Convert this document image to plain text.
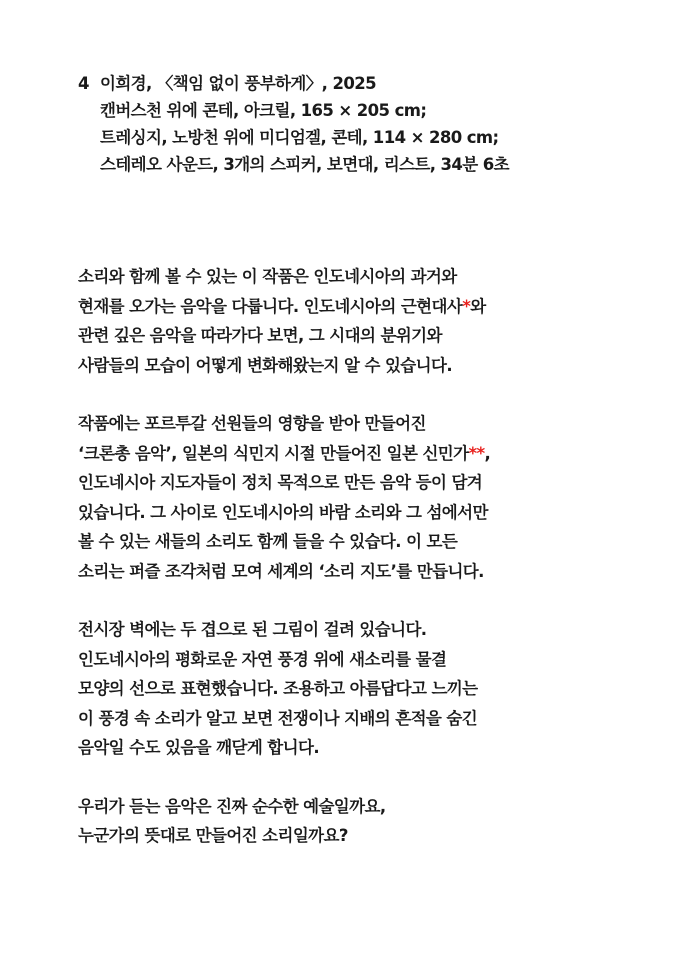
4 이희경, 〈책임 없이 풍부하게〉, 2025
캔버스천 위에 콘테, 아크릴, 165 × 205 cm;
트레싱지, 노방천 위에 미디엄겔, 콘테, 114 × 280 cm;
스테레오 사운드, 3개의 스피커, 보면대, 리스트, 34분 6초

소리와 함께 볼 수 있는 이 작품은 인도네시아의 과거와
현재를 오가는 음악을 다룹니다. 인도네시아의 근현대사*와
관련 깊은 음악을 따라가다 보면, 그 시대의 분위기와
사람들의 모습이 어떻게 변화해왔는지 알 수 있습니다.

작품에는 포르투갈 선원들의 영향을 받아 만들어진
‘크론총 음악’, 일본의 식민지 시절 만들어진 일본 신민가**,
인도네시아 지도자들이 정치 목적으로 만든 음악 등이 담겨
있습니다. 그 사이로 인도네시아의 바람 소리와 그 섬에서만
볼 수 있는 새들의 소리도 함께 들을 수 있습다. 이 모든
소리는 퍼즐 조각처럼 모여 세계의 ‘소리 지도’를 만듭니다.

전시장 벽에는 두 겹으로 된 그림이 걸려 있습니다.
인도네시아의 평화로운 자연 풍경 위에 새소리를 물결
모양의 선으로 표현했습니다. 조용하고 아름답다고 느끼는
이 풍경 속 소리가 알고 보면 전쟁이나 지배의 흔적을 숨긴
음악일 수도 있음을 깨닫게 합니다.

우리가 듣는 음악은 진짜 순수한 예술일까요,
누군가의 뜻대로 만들어진 소리일까요?
